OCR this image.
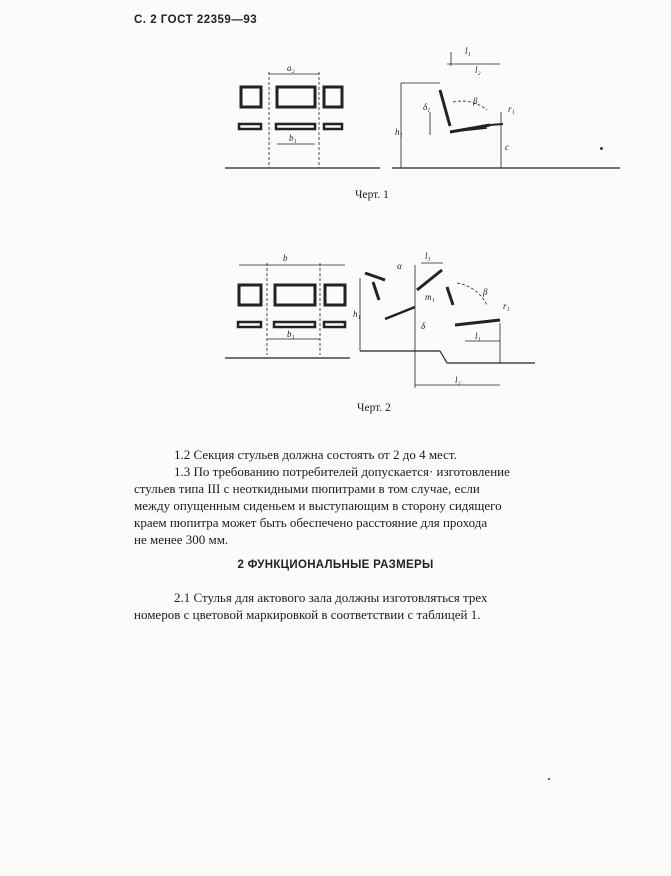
С. 2 ГОСТ 22359—93
a₂
b₁
l₁
l₂
β
δ₁
h₁
c
r₁
Черт. 1
b
b₁
l₃
l₁
l₂
β
δ
h₁
r₁
α
m₁
Черт. 2
1.2 Секция стульев должна состоять от 2 до 4 мест.
1.3 По требованию потребителей допускается· изготовление
стульев типа III с неоткидными пюпитрами в том случае, если
между опущенным сиденьем и выступающим в сторону сидящего
краем пюпитра может быть обеспечено расстояние для прохода
не менее 300 мм.
2 ФУНКЦИОНАЛЬНЫЕ РАЗМЕРЫ
2.1 Стулья для актового зала должны изготовляться трех
номеров с цветовой маркировкой в соответствии с таблицей 1.
